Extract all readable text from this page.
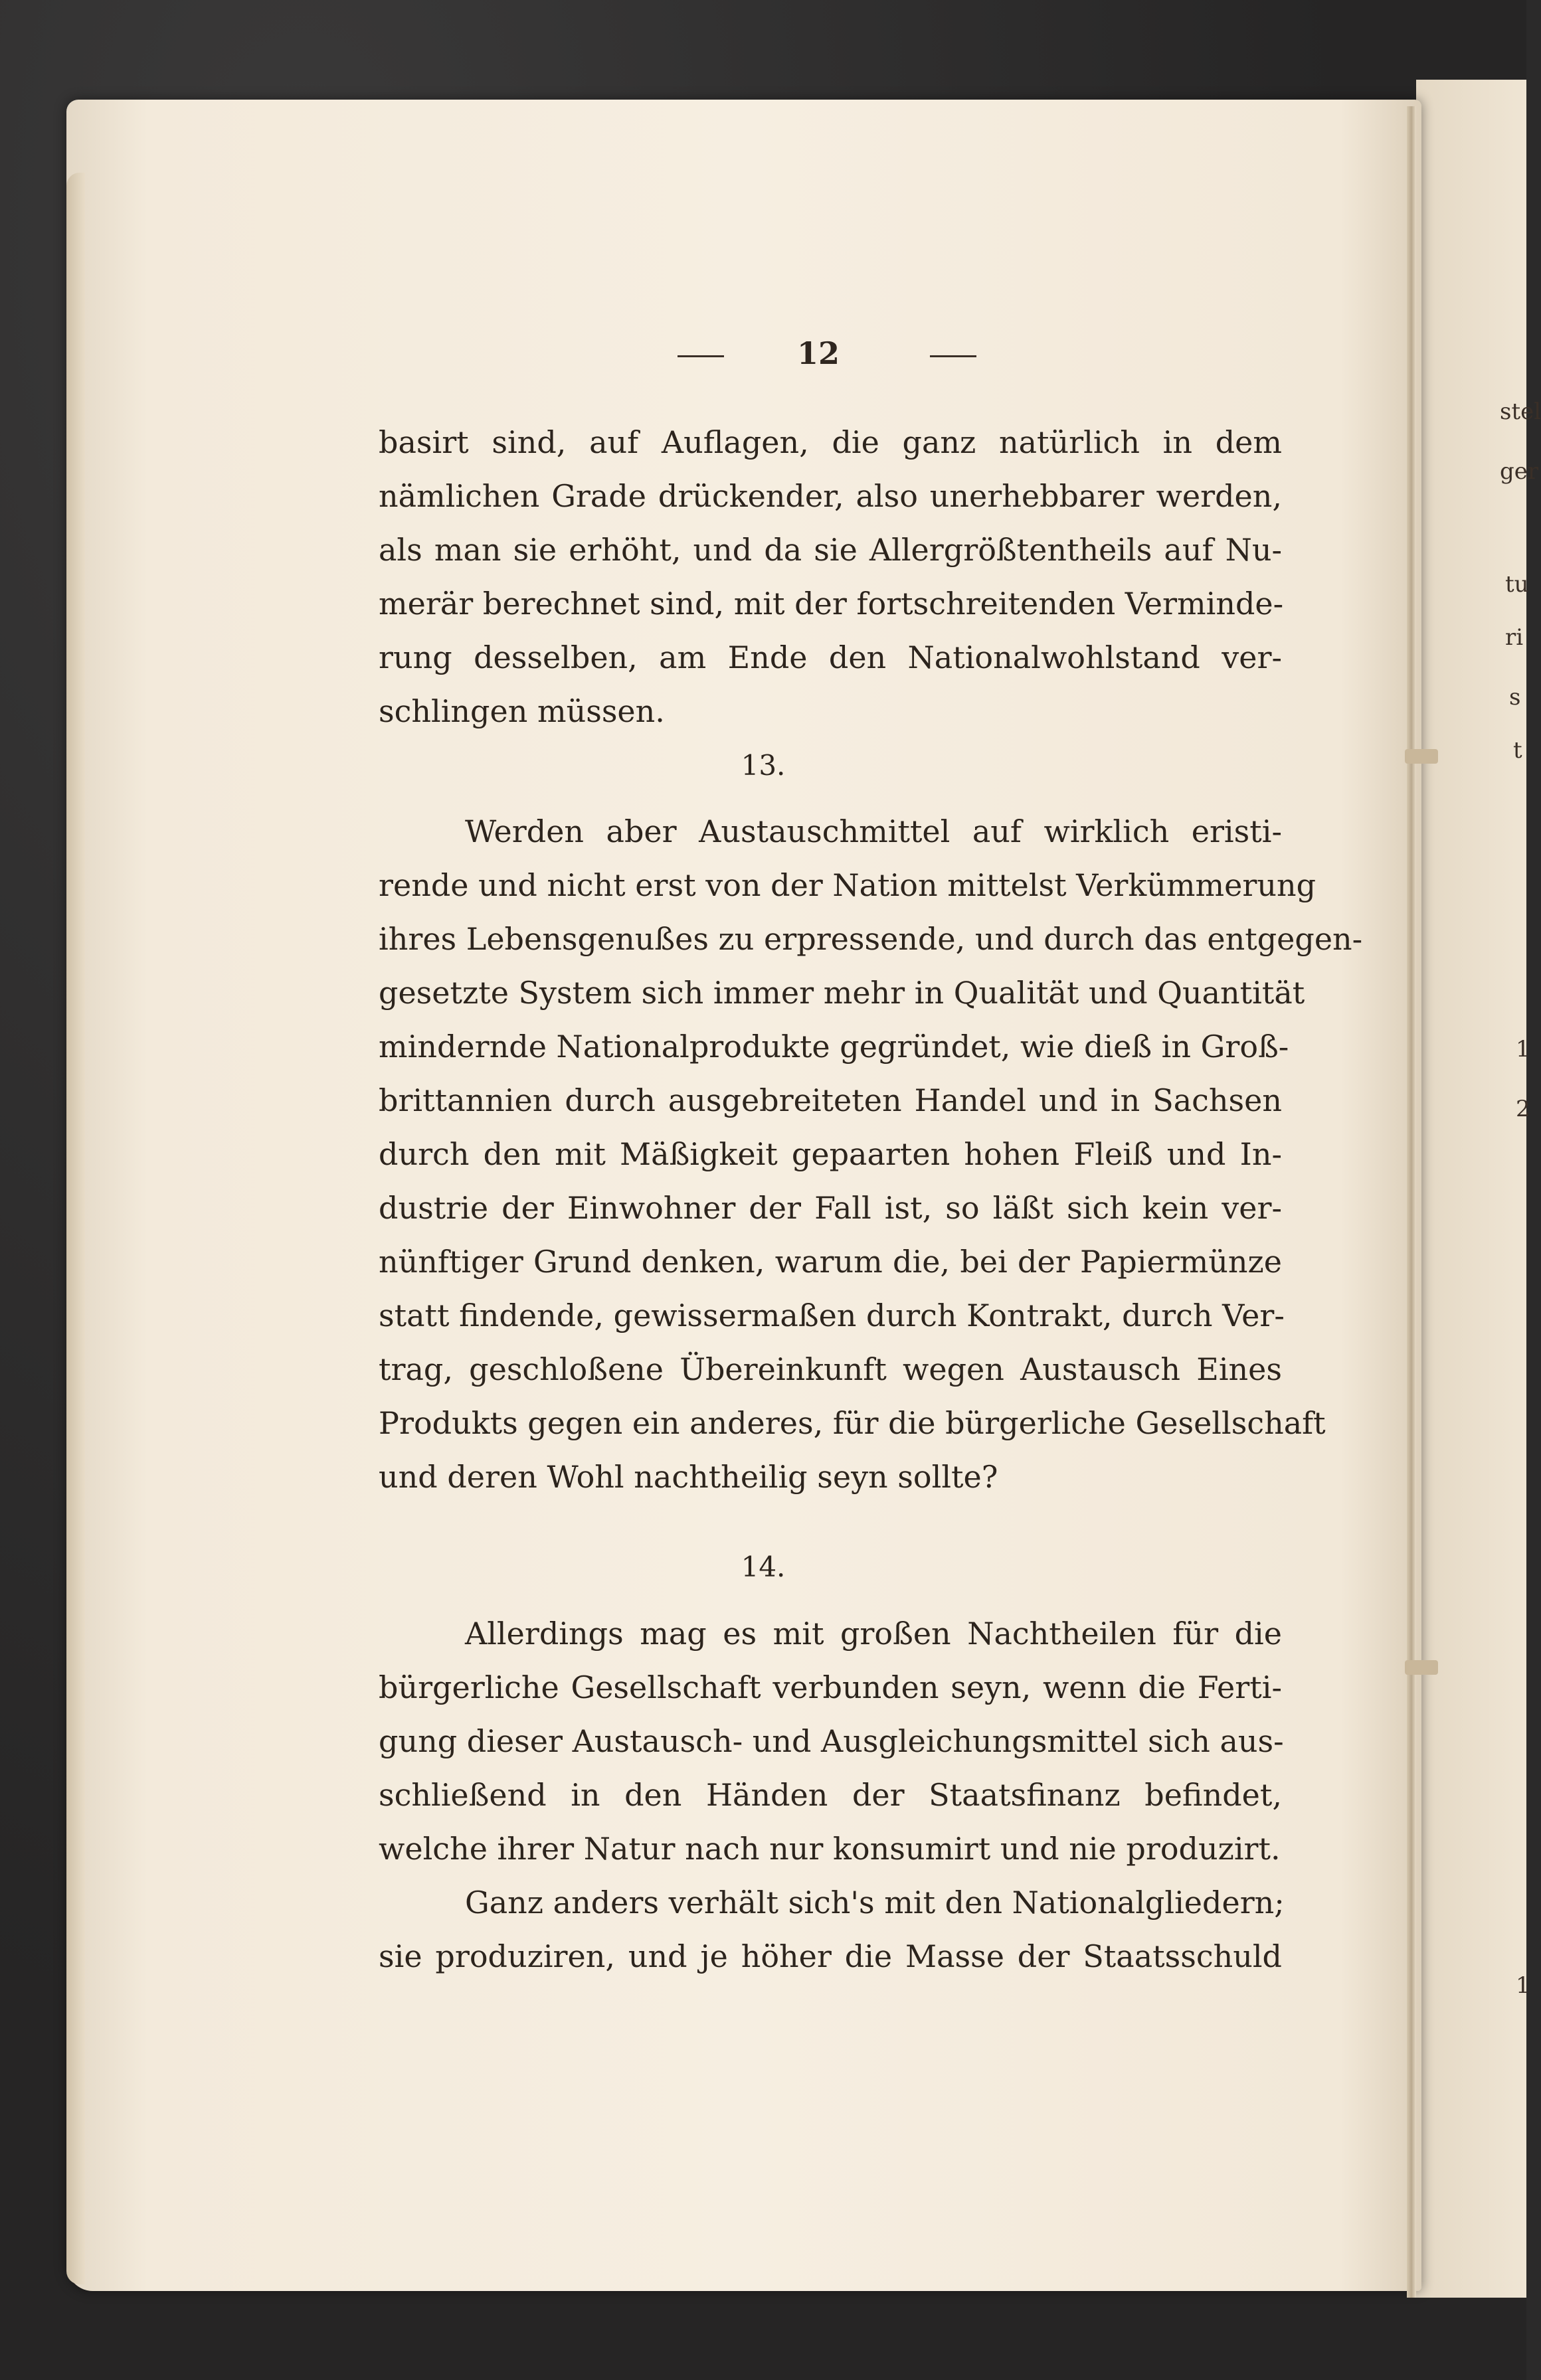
stel
ger
tu
ri
s
t
1
2
1
12
basirt sind, auf Auflagen, die ganz natürlich in dem
nämlichen Grade drückender, also unerhebbarer werden,
als man sie erhöht, und da sie Allergrößtentheils auf Nu-
merär berechnet sind, mit der fortschreitenden Verminde-
rung desselben, am Ende den Nationalwohlstand ver-
schlingen müssen.
13.
Werden aber Austauschmittel auf wirklich eristi-
rende und nicht erst von der Nation mittelst Verkümmerung
ihres Lebensgenußes zu erpressende, und durch das entgegen-
gesetzte System sich immer mehr in Qualität und Quantität
mindernde Nationalprodukte gegründet, wie dieß in Groß-
brittannien durch ausgebreiteten Handel und in Sachsen
durch den mit Mäßigkeit gepaarten hohen Fleiß und In-
dustrie der Einwohner der Fall ist, so läßt sich kein ver-
nünftiger Grund denken, warum die, bei der Papiermünze
statt findende, gewissermaßen durch Kontrakt, durch Ver-
trag, geschloßene Übereinkunft wegen Austausch Eines
Produkts gegen ein anderes, für die bürgerliche Gesellschaft
und deren Wohl nachtheilig seyn sollte?
14.
Allerdings mag es mit großen Nachtheilen für die
bürgerliche Gesellschaft verbunden seyn, wenn die Ferti-
gung dieser Austausch- und Ausgleichungsmittel sich aus-
schließend in den Händen der Staatsfinanz befindet,
welche ihrer Natur nach nur konsumirt und nie produzirt.
Ganz anders verhält sich's mit den Nationalgliedern;
sie produziren, und je höher die Masse der Staatsschuld
